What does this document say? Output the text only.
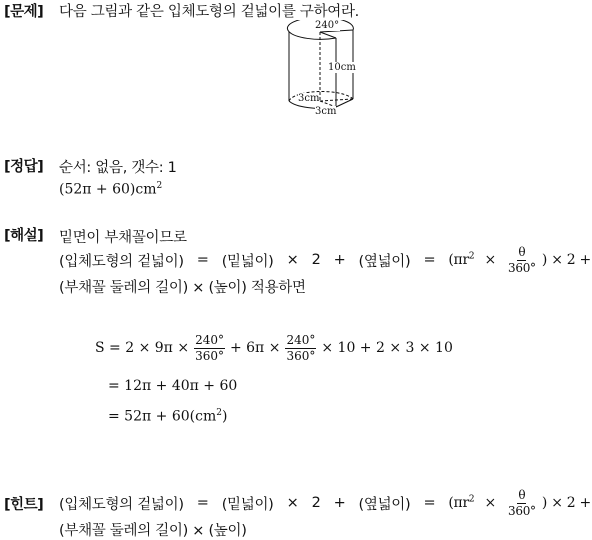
[문제] 다음 그림과 같은 입체도형의 겉넓이를 구하여라.
240°
10cm
3cm
3cm
[정답] 순서: 없음, 갯수: 1
$(52\pi + 60)cm^2$
[해설] 밑면이 부채꼴이므로
(입체도형의 겉넓이) = (밑넓이) × 2 + (옆넓이) = ($\pi r^2 \times \frac{\theta}{360^\circ}$ ) × 2 +
(부채꼴 둘레의 길이) × (높이) 적용하면
$S = 2 \times 9\pi \times \frac{240^\circ}{360^\circ} + 6\pi \times \frac{240^\circ}{360^\circ} \times 10 + 2 \times 3 \times 10$
= 12π + 40π + 60
= $52\pi + 60(cm^2)$
[힌트] (입체도형의 겉넓이) = (밑넓이) × 2 + (옆넓이) = ($\pi r^2 \times \frac{\theta}{360^\circ}$ ) × 2 +
(부채꼴 둘레의 길이) × (높이)
